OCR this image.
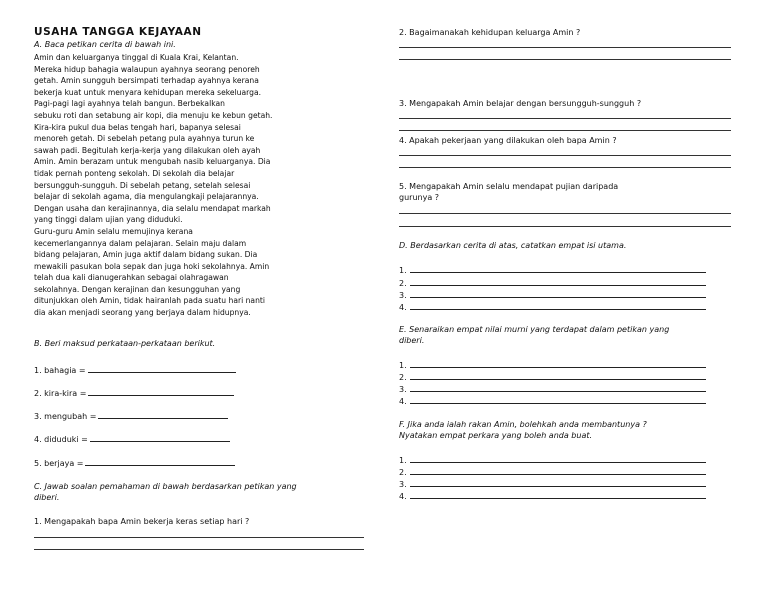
USAHA TANGGA KEJAYAAN
A. Baca petikan cerita di bawah ini.

Amin dan keluarganya tinggal di Kuala Krai, Kelantan.

Mereka hidup bahagia walaupun ayahnya seorang penoreh

getah. Amin sungguh bersimpati terhadap ayahnya kerana

bekerja kuat untuk menyara kehidupan mereka sekeluarga.

Pagi-pagi lagi ayahnya telah bangun. Berbekalkan

sebuku roti dan setabung air kopi, dia menuju ke kebun getah.

Kira-kira pukul dua belas tengah hari, bapanya selesai

menoreh getah. Di sebelah petang pula ayahnya turun ke

sawah padi. Begitulah kerja-kerja yang dilakukan oleh ayah

Amin. Amin berazam untuk mengubah nasib keluarganya. Dia

tidak pernah ponteng sekolah. Di sekolah dia belajar

bersungguh-sungguh. Di sebelah petang, setelah selesai

belajar di sekolah agama, dia mengulangkaji pelajarannya.

Dengan usaha dan kerajinannya, dia selalu mendapat markah

yang tinggi dalam ujian yang diduduki.

Guru-guru Amin selalu memujinya kerana

kecemerlangannya dalam pelajaran. Selain maju dalam

bidang pelajaran, Amin juga aktif dalam bidang sukan. Dia

mewakili pasukan bola sepak dan juga hoki sekolahnya. Amin

telah dua kali dianugerahkan sebagai olahragawan

sekolahnya. Dengan kerajinan dan kesungguhan yang

ditunjukkan oleh Amin, tidak hairanlah pada suatu hari nanti

dia akan menjadi seorang yang berjaya dalam hidupnya.

B. Beri maksud perkataan-perkataan berikut.
1. bahagia =
2. kira-kira =
3. mengubah =
4. diduduki =
5. berjaya =
C. Jawab soalan pemahaman di bawah berdasarkan petikan yang
diberi.
1. Mengapakah bapa Amin bekerja keras setiap hari ?
2. Bagaimanakah kehidupan keluarga Amin ?
3. Mengapakah Amin belajar dengan bersungguh-sungguh ?
4. Apakah pekerjaan yang dilakukan oleh bapa Amin ?
5. Mengapakah Amin selalu mendapat pujian daripada
gurunya ?
D. Berdasarkan cerita di atas, catatkan empat isi utama.
1.
2.
3.
4.
E. Senaraikan empat nilai murni yang terdapat dalam petikan yang
diberi.
1.
2.
3.
4.
F. Jika anda ialah rakan Amin, bolehkah anda membantunya ?
Nyatakan empat perkara yang boleh anda buat.
1.
2.
3.
4.
